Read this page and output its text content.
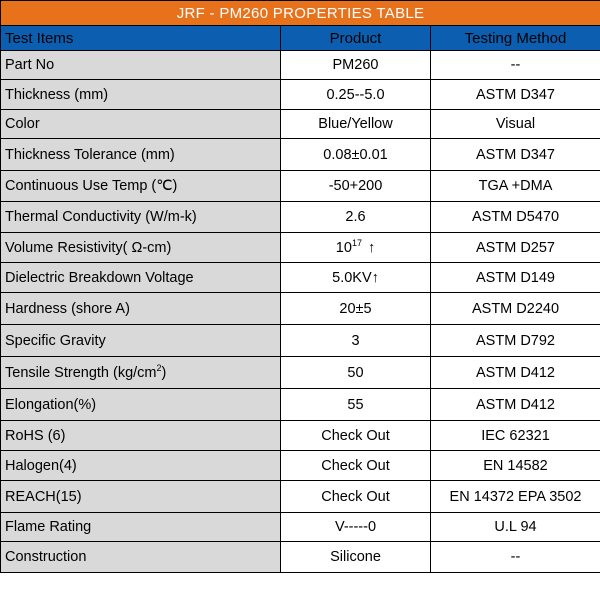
JRF - PM260 PROPERTIES TABLE		
Test Items	Product	Testing Method
Part No	PM260	--
Thickness (mm)	0.25--5.0	ASTM D347
Color	Blue/Yellow	Visual
Thickness Tolerance (mm)	0.08±0.01	ASTM D347
Continuous Use Temp (℃)	-50+200	TGA +DMA
Thermal Conductivity (W/m-k)	2.6	ASTM D5470
Volume Resistivity( Ω-cm)	$10^{17}$ ↑	ASTM D257
Dielectric Breakdown Voltage	5.0KV↑	ASTM D149
Hardness (shore A)	20±5	ASTM D2240
Specific Gravity	3	ASTM D792
Tensile Strength $(kg/cm^2)$	50	ASTM D412
Elongation(%)	55	ASTM D412
RoHS (6)	Check Out	IEC 62321
Halogen(4)	Check Out	EN 14582
REACH(15)	Check Out	EN 14372 EPA 3502
Flame Rating	V-----0	U.L 94
Construction	Silicone	--
